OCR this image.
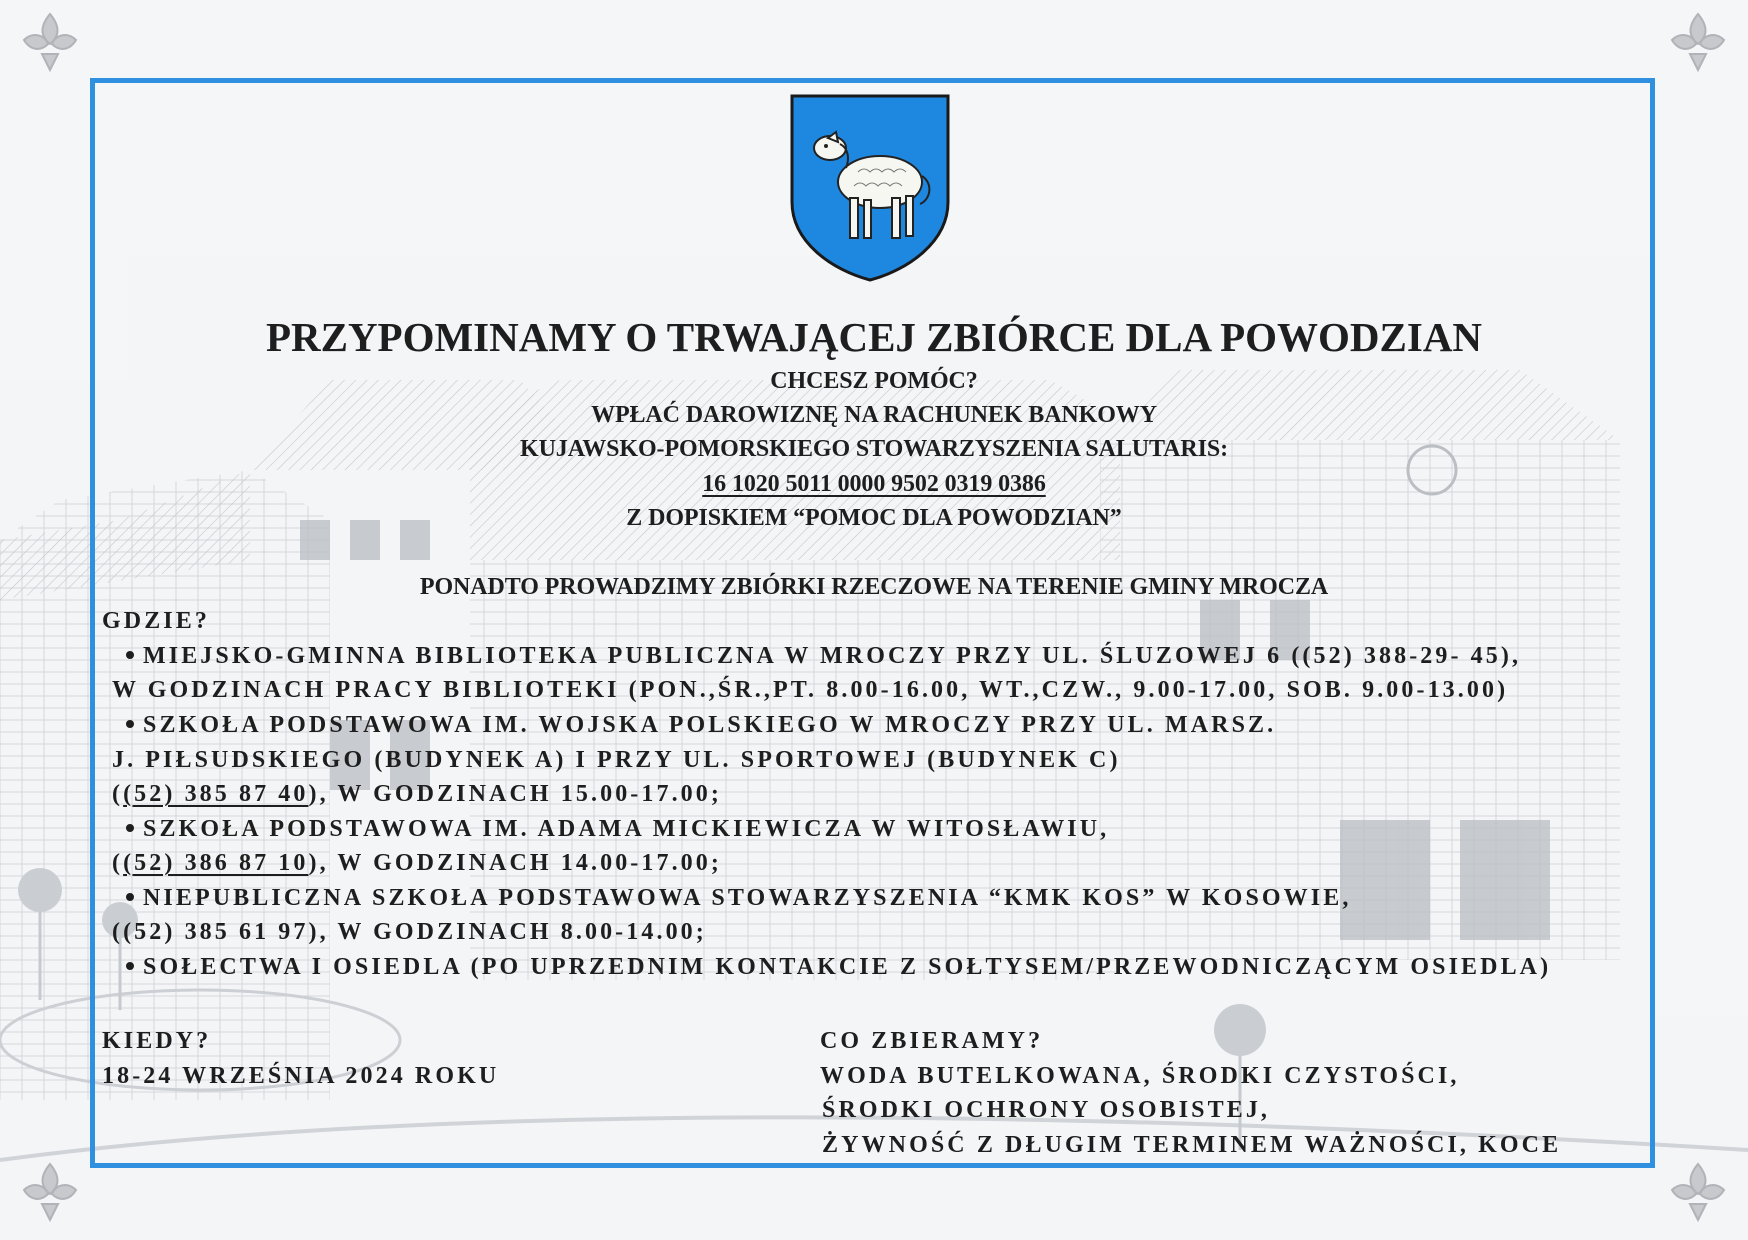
PRZYPOMINAMY O TRWAJĄCEJ ZBIÓRCE DLA POWODZIAN

CHCESZ POMÓC?

WPŁAĆ DAROWIZNĘ NA RACHUNEK BANKOWY

KUJAWSKO-POMORSKIEGO STOWARZYSZENIA SALUTARIS:

16 1020 5011 0000 9502 0319 0386

Z DOPISKIEM “POMOC DLA POWODZIAN”

PONADTO PROWADZIMY ZBIÓRKI RZECZOWE NA TERENIE GMINY MROCZA

GDZIE?

MIEJSKO-GMINNA BIBLIOTEKA PUBLICZNA W MROCZY PRZY UL. ŚLUZOWEJ 6 ((52) 388-29- 45),

W GODZINACH PRACY BIBLIOTEKI (PON.,ŚR.,PT. 8.00-16.00, WT.,CZW., 9.00-17.00, SOB. 9.00-13.00)

SZKOŁA PODSTAWOWA IM. WOJSKA POLSKIEGO W MROCZY PRZY UL. MARSZ.

J. PIŁSUDSKIEGO (BUDYNEK A) I PRZY UL. SPORTOWEJ (BUDYNEK C)

((52) 385 87 40), W GODZINACH 15.00-17.00;

SZKOŁA PODSTAWOWA IM. ADAMA MICKIEWICZA W WITOSŁAWIU,

((52) 386 87 10), W GODZINACH 14.00-17.00;

NIEPUBLICZNA SZKOŁA PODSTAWOWA STOWARZYSZENIA “KMK KOS” W KOSOWIE,

((52) 385 61 97), W GODZINACH 8.00-14.00;

SOŁECTWA I OSIEDLA (PO UPRZEDNIM KONTAKCIE Z SOŁTYSEM/PRZEWODNICZĄCYM OSIEDLA)

KIEDY?

18-24 WRZEŚNIA 2024 ROKU

CO ZBIERAMY?

WODA BUTELKOWANA, ŚRODKI CZYSTOŚCI,

ŚRODKI OCHRONY OSOBISTEJ,

ŻYWNOŚĆ Z DŁUGIM TERMINEM WAŻNOŚCI, KOCE
